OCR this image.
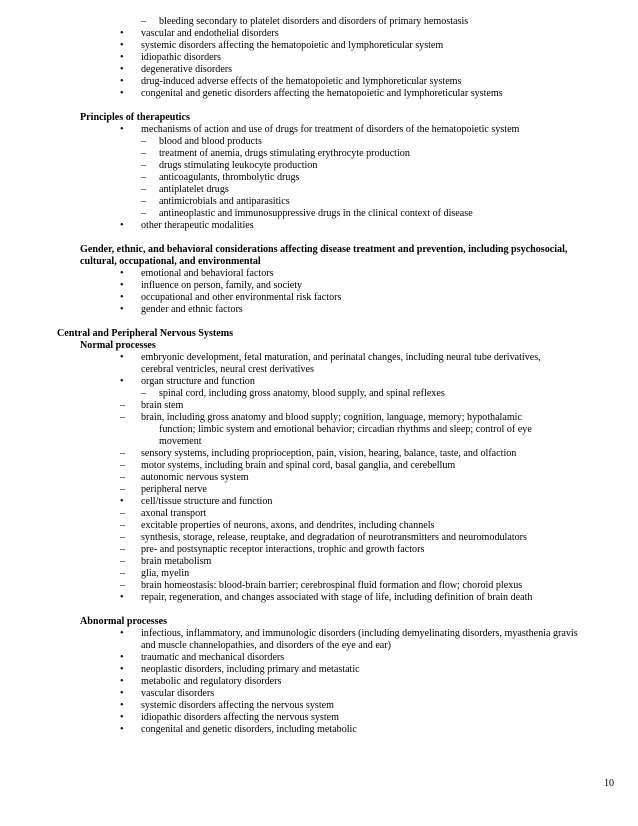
– bleeding secondary to platelet disorders and disorders of primary hemostasis
• vascular and endothelial disorders
• systemic disorders affecting the hematopoietic and lymphoreticular system
• idiopathic disorders
• degenerative disorders
• drug-induced adverse effects of the hematopoietic and lymphoreticular systems
• congenital and genetic disorders affecting the hematopoietic and lymphoreticular systems
Principles of therapeutics
• mechanisms of action and use of drugs for treatment of disorders of the hematopoietic system
– blood and blood products
– treatment of anemia, drugs stimulating erythrocyte production
– drugs stimulating leukocyte production
– anticoagulants, thrombolytic drugs
– antiplatelet drugs
– antimicrobials and antiparasitics
– antineoplastic and immunosuppressive drugs in the clinical context of disease
• other therapeutic modalities
Gender, ethnic, and behavioral considerations affecting disease treatment and prevention, including psychosocial, cultural, occupational, and environmental
• emotional and behavioral factors
• influence on person, family, and society
• occupational and other environmental risk factors
• gender and ethnic factors
Central and Peripheral Nervous Systems
Normal processes
• embryonic development, fetal maturation, and perinatal changes, including neural tube derivatives,
cerebral ventricles, neural crest derivatives
• organ structure and function
– spinal cord, including gross anatomy, blood supply, and spinal reflexes
– brain stem
– brain, including gross anatomy and blood supply; cognition, language, memory; hypothalamic
function; limbic system and emotional behavior; circadian rhythms and sleep; control of eye
movement
– sensory systems, including proprioception, pain, vision, hearing, balance, taste, and olfaction
– motor systems, including brain and spinal cord, basal ganglia, and cerebellum
– autonomic nervous system
– peripheral nerve
• cell/tissue structure and function
– axonal transport
– excitable properties of neurons, axons, and dendrites, including channels
– synthesis, storage, release, reuptake, and degradation of neurotransmitters and neuromodulators
– pre- and postsynaptic receptor interactions, trophic and growth factors
– brain metabolism
– glia, myelin
– brain homeostasis: blood-brain barrier; cerebrospinal fluid formation and flow; choroid plexus
• repair, regeneration, and changes associated with stage of life, including definition of brain death
Abnormal processes
• infectious, inflammatory, and immunologic disorders (including demyelinating disorders, myasthenia gravis
and muscle channelopathies, and disorders of the eye and ear)
• traumatic and mechanical disorders
• neoplastic disorders, including primary and metastatic
• metabolic and regulatory disorders
• vascular disorders
• systemic disorders affecting the nervous system
• idiopathic disorders affecting the nervous system
• congenital and genetic disorders, including metabolic
10
